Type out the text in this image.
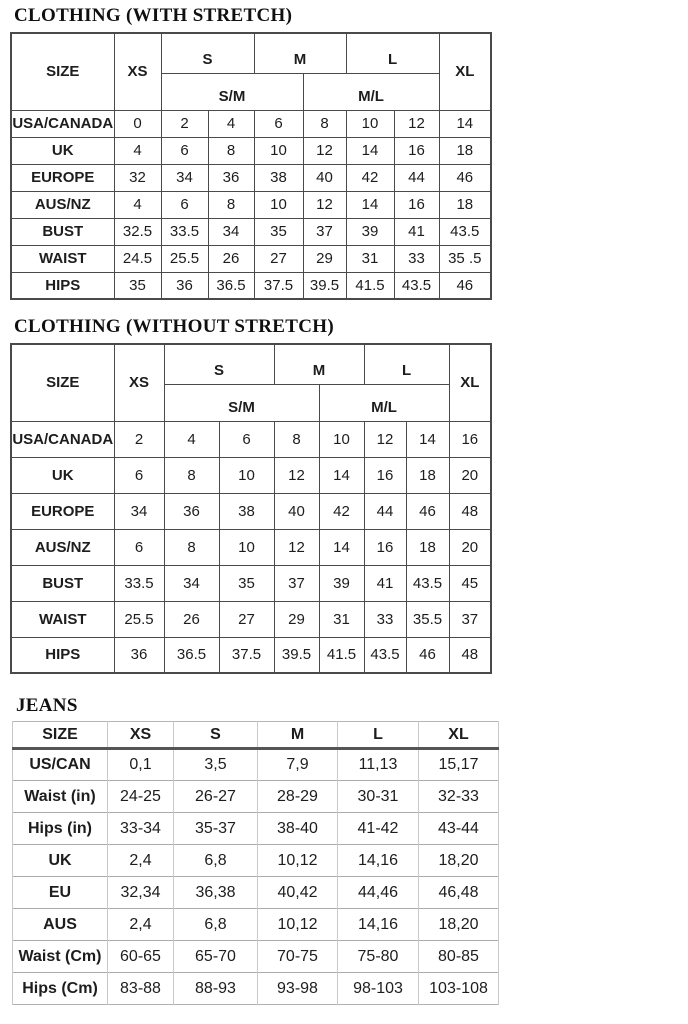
CLOTHING (WITH STRETCH)
SIZE	XS	S		M		L		XL
		S/M			M/L			
USA/CANADA	0	2	4	6	8	10	12	14
UK	4	6	8	10	12	14	16	18
EUROPE	32	34	36	38	40	42	44	46
AUS/NZ	4	6	8	10	12	14	16	18
BUST	32.5	33.5	34	35	37	39	41	43.5
WAIST	24.5	25.5	26	27	29	31	33	35 .5
HIPS	35	36	36.5	37.5	39.5	41.5	43.5	46
CLOTHING (WITHOUT STRETCH)
SIZE	XS	S		M		L		XL
		S/M			M/L			
USA/CANADA	2	4	6	8	10	12	14	16
UK	6	8	10	12	14	16	18	20
EUROPE	34	36	38	40	42	44	46	48
AUS/NZ	6	8	10	12	14	16	18	20
BUST	33.5	34	35	37	39	41	43.5	45
WAIST	25.5	26	27	29	31	33	35.5	37
HIPS	36	36.5	37.5	39.5	41.5	43.5	46	48
JEANS
SIZE	XS	S	M	L	XL
US/CAN	0,1	3,5	7,9	11,13	15,17
Waist (in)	24-25	26-27	28-29	30-31	32-33
Hips (in)	33-34	35-37	38-40	41-42	43-44
UK	2,4	6,8	10,12	14,16	18,20
EU	32,34	36,38	40,42	44,46	46,48
AUS	2,4	6,8	10,12	14,16	18,20
Waist (Cm)	60-65	65-70	70-75	75-80	80-85
Hips (Cm)	83-88	88-93	93-98	98-103	103-108
